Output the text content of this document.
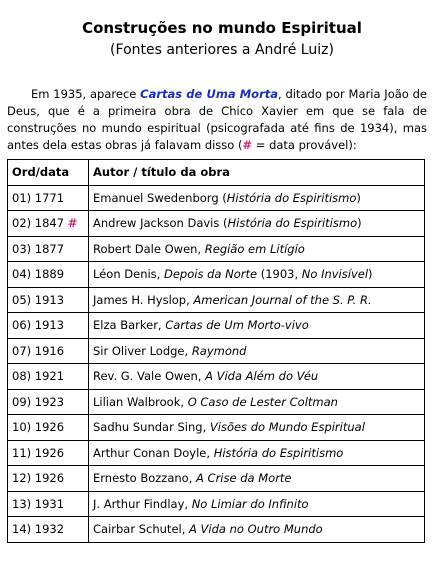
Construções no mundo Espiritual
(Fontes anteriores a André Luiz)

Em 1935, aparece Cartas de Uma Morta, ditado por Maria João de Deus, que é a primeira obra de Chico Xavier em que se fala de construções no mundo espiritual (psicografada até fins de 1934), mas antes dela estas obras já falavam disso (# = data provável):

Ord/data	Autor / título da obra
01) 1771	Emanuel Swedenborg (História do Espiritismo)
02) 1847 #	Andrew Jackson Davis (História do Espiritismo)
03) 1877	Robert Dale Owen, Região em Litígio
04) 1889	Léon Denis, Depois da Norte (1903, No Invisível)
05) 1913	James H. Hyslop, American Journal of the S. P. R.
06) 1913	Elza Barker, Cartas de Um Morto-vivo
07) 1916	Sir Oliver Lodge, Raymond
08) 1921	Rev. G. Vale Owen, A Vida Além do Véu
09) 1923	Lilian Walbrook, O Caso de Lester Coltman
10) 1926	Sadhu Sundar Sing, Visões do Mundo Espiritual
11) 1926	Arthur Conan Doyle, História do Espiritismo
12) 1926	Ernesto Bozzano, A Crise da Morte
13) 1931	J. Arthur Findlay, No Limiar do Infinito
14) 1932	Cairbar Schutel, A Vida no Outro Mundo
